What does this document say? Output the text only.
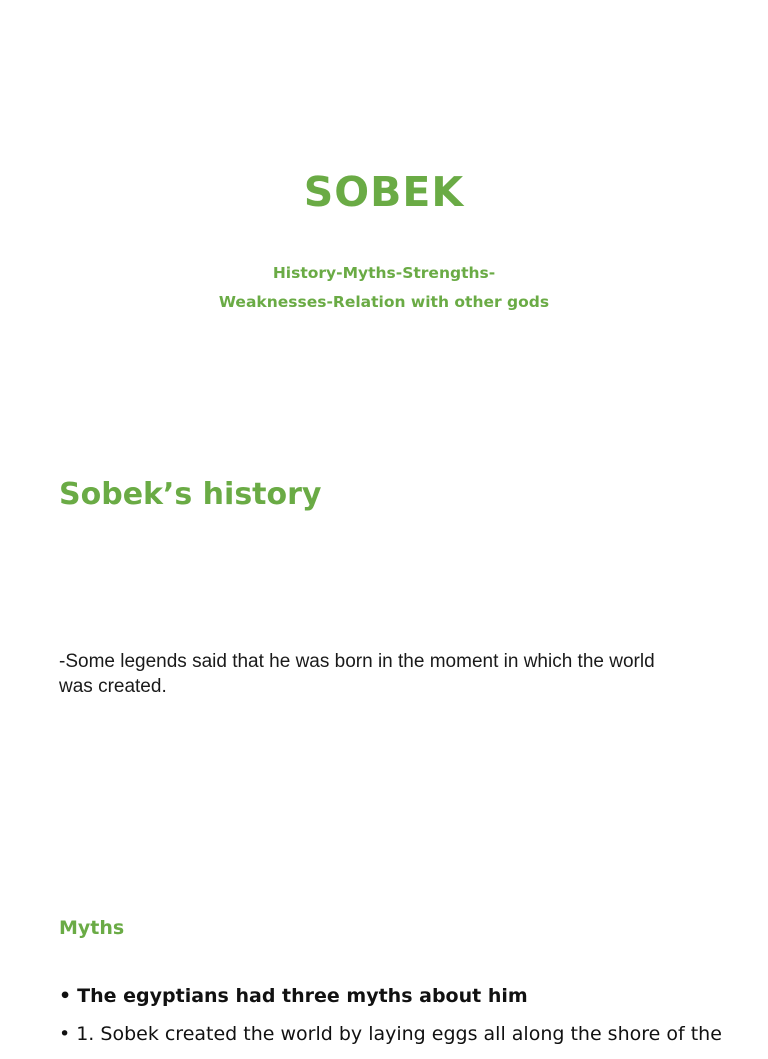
SOBEK
History-Myths-Strengths-
Weaknesses-Relation with other gods
Sobek’s history
-Some legends said that he was born in the moment in which the world
was created.
Myths
• The egyptians had three myths about him
• 1. Sobek created the world by laying eggs all along the shore of the
